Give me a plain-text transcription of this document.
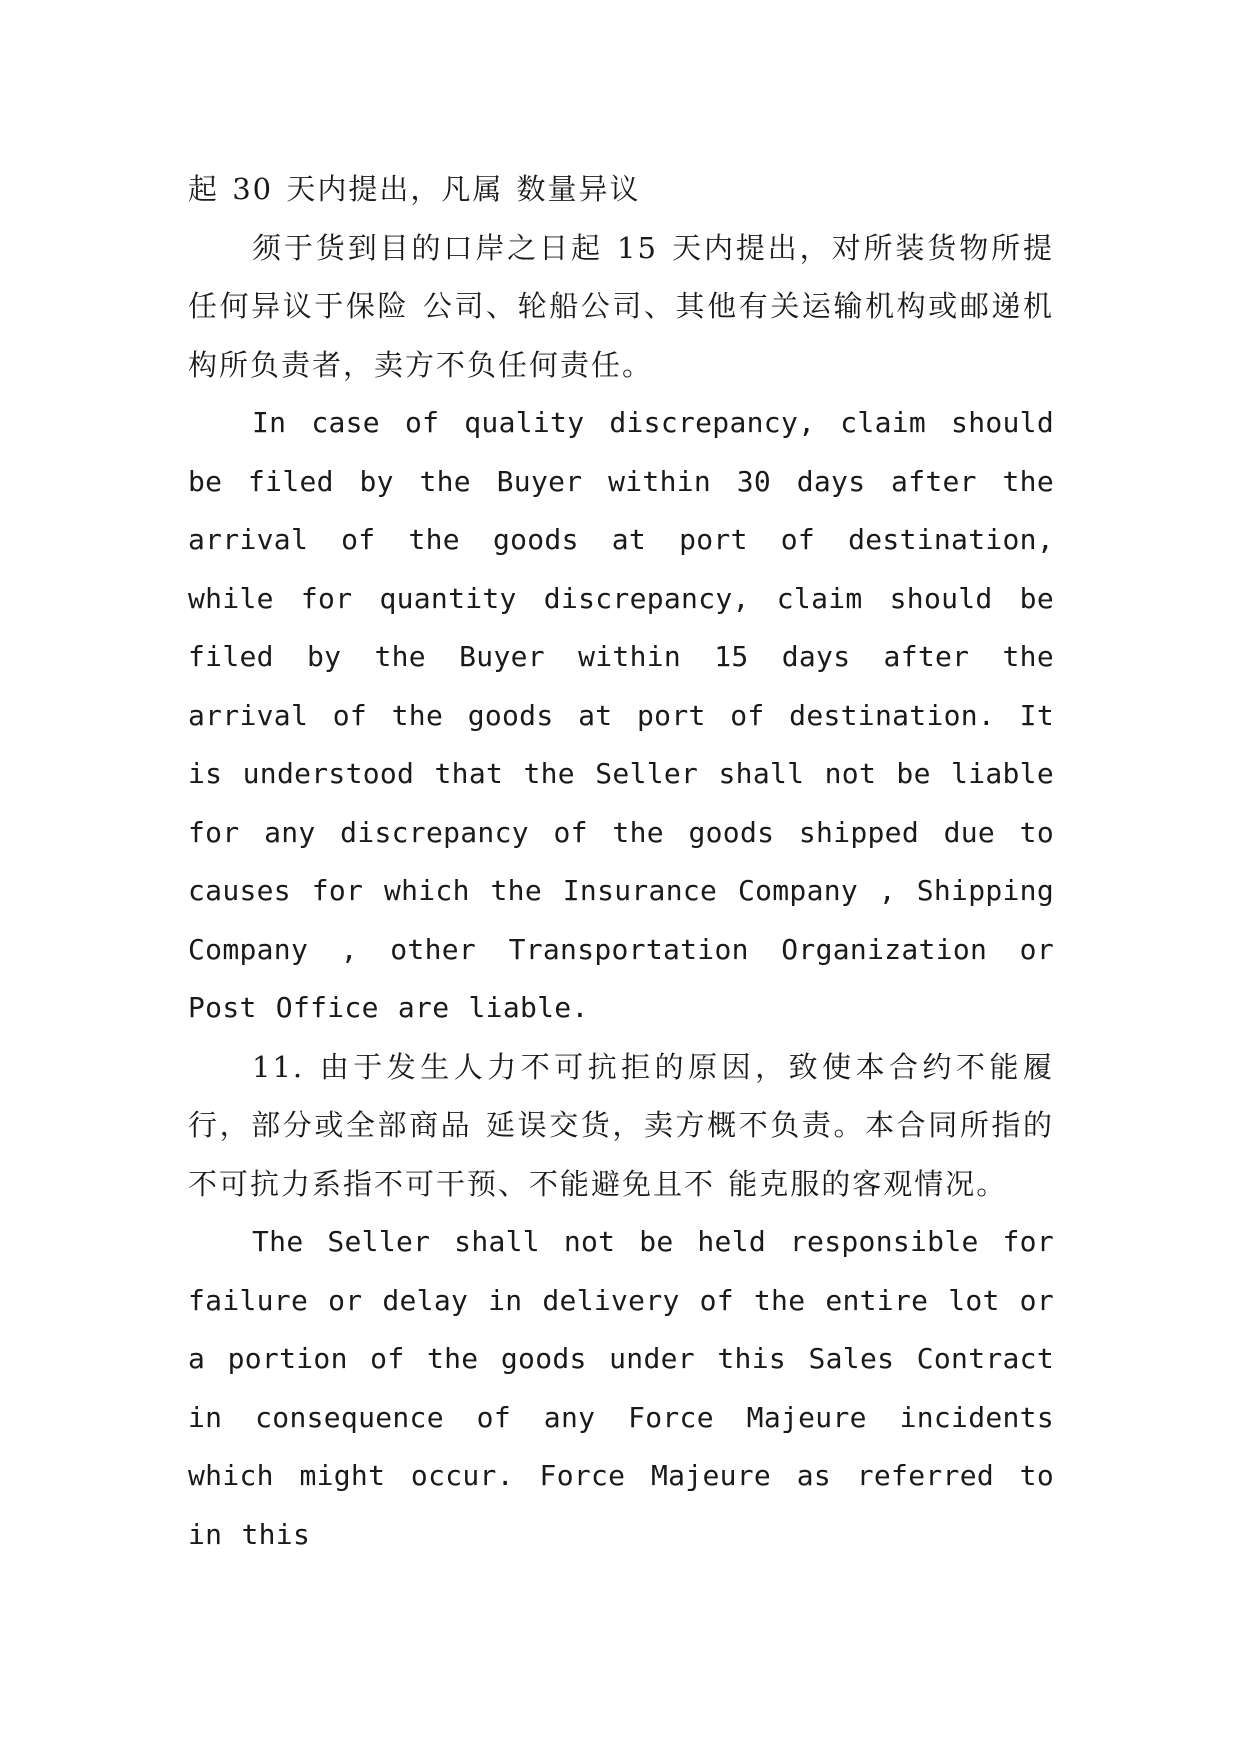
起 30 天内提出，凡属 数量异议

须于货到目的口岸之日起 15 天内提出，对所装货物所提任何异议于保险 公司、轮船公司、其他有关运输机构或邮递机构所负责者，卖方不负任何责任。

In case of quality discrepancy, claim should be filed by the Buyer within 30 days after the arrival of the goods at port of destination, while for quantity discrepancy, claim should be filed by the Buyer within 15 days after the arrival of the goods at port of destination. It is understood that the Seller shall not be liable for any discrepancy of the goods shipped due to causes for which the Insurance Company , Shipping Company , other Transportation Organization or Post Office are liable.

11. 由于发生人力不可抗拒的原因，致使本合约不能履行，部分或全部商品 延误交货，卖方概不负责。本合同所指的不可抗力系指不可干预、不能避免且不 能克服的客观情况。

The Seller shall not be held responsible for failure or delay in delivery of the entire lot or a portion of the goods under this Sales Contract in consequence of any Force Majeure incidents which might occur. Force Majeure as referred to in this
